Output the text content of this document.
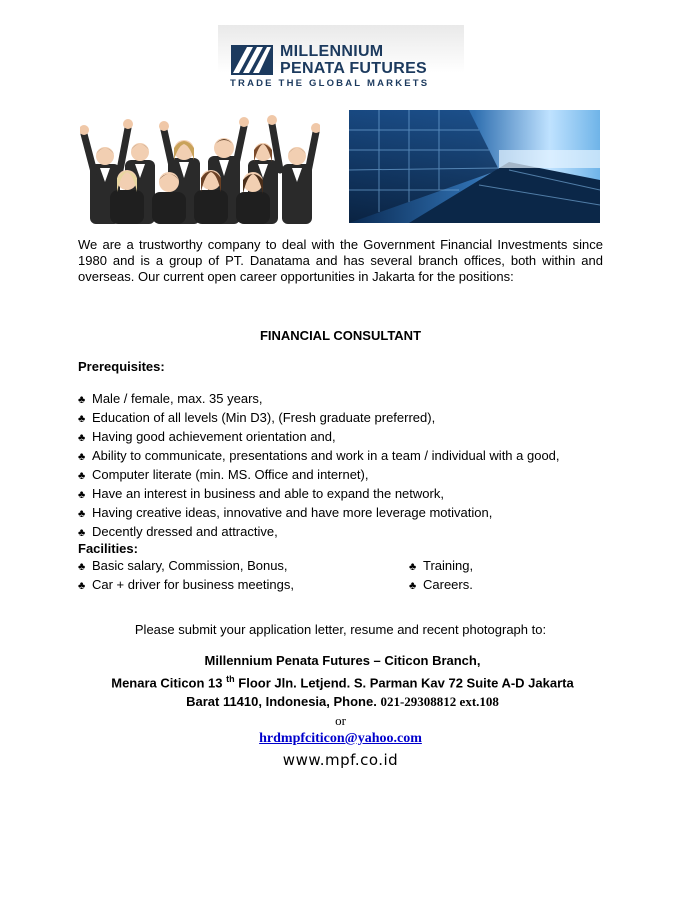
MILLENNIUM
PENATA FUTURES
TRADE THE GLOBAL MARKETS
We are a trustworthy company to deal with the Government Financial Investments since 1980 and is a group of PT. Danatama and has several branch offices, both within and overseas. Our current open career opportunities in Jakarta for the positions:
FINANCIAL CONSULTANT
Prerequisites:
♣ Male / female, max. 35 years,
♣ Education of all levels (Min D3), (Fresh graduate preferred),
♣ Having good achievement orientation and,
♣ Ability to communicate, presentations and work in a team / individual with a good,
♣ Computer literate (min. MS. Office and internet),
♣ Have an interest in business and able to expand the network,
♣ Having creative ideas, innovative and have more leverage motivation,
♣ Decently dressed and attractive,
Facilities:
♣ Basic salary, Commission, Bonus,
♣ Car + driver for business meetings,
♣ Training,
♣ Careers.
Please submit your application letter, resume and recent photograph to:
Millennium Penata Futures – Citicon Branch,
Menara Citicon 13 $^{th}$ Floor Jln. Letjend. S. Parman Kav 72 Suite A-D Jakarta
Barat 11410, Indonesia, Phone. 021-29308812 ext.108
or
hrdmpfciticon@yahoo.com
www.mpf.co.id
